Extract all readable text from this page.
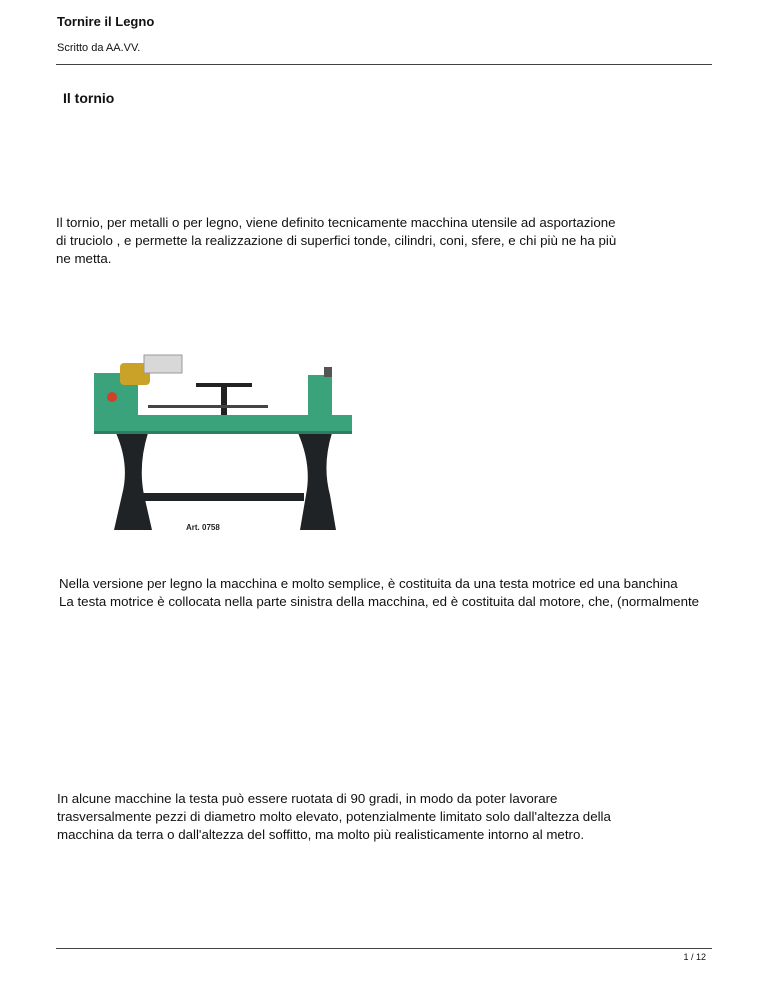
Tornire il Legno
Scritto da AA.VV.
Il tornio
Il tornio, per metalli o per legno, viene definito tecnicamente macchina utensile ad asportazione
di truciolo , e permette la realizzazione di superfici tonde, cilindri, coni, sfere, e chi più ne ha più
ne metta.
Art. 0758
Nella versione per legno la macchina e molto semplice, è costituita da una testa motrice ed una banchina
La testa motrice è collocata nella parte sinistra della macchina, ed è costituita dal motore, che, (normalmente
In alcune macchine la testa può essere ruotata di 90 gradi, in modo da poter lavorare
trasversalmente pezzi di diametro molto elevato, potenzialmente limitato solo dall'altezza della
macchina da terra o dall'altezza del soffitto, ma molto più realisticamente intorno al metro.
1 / 12
